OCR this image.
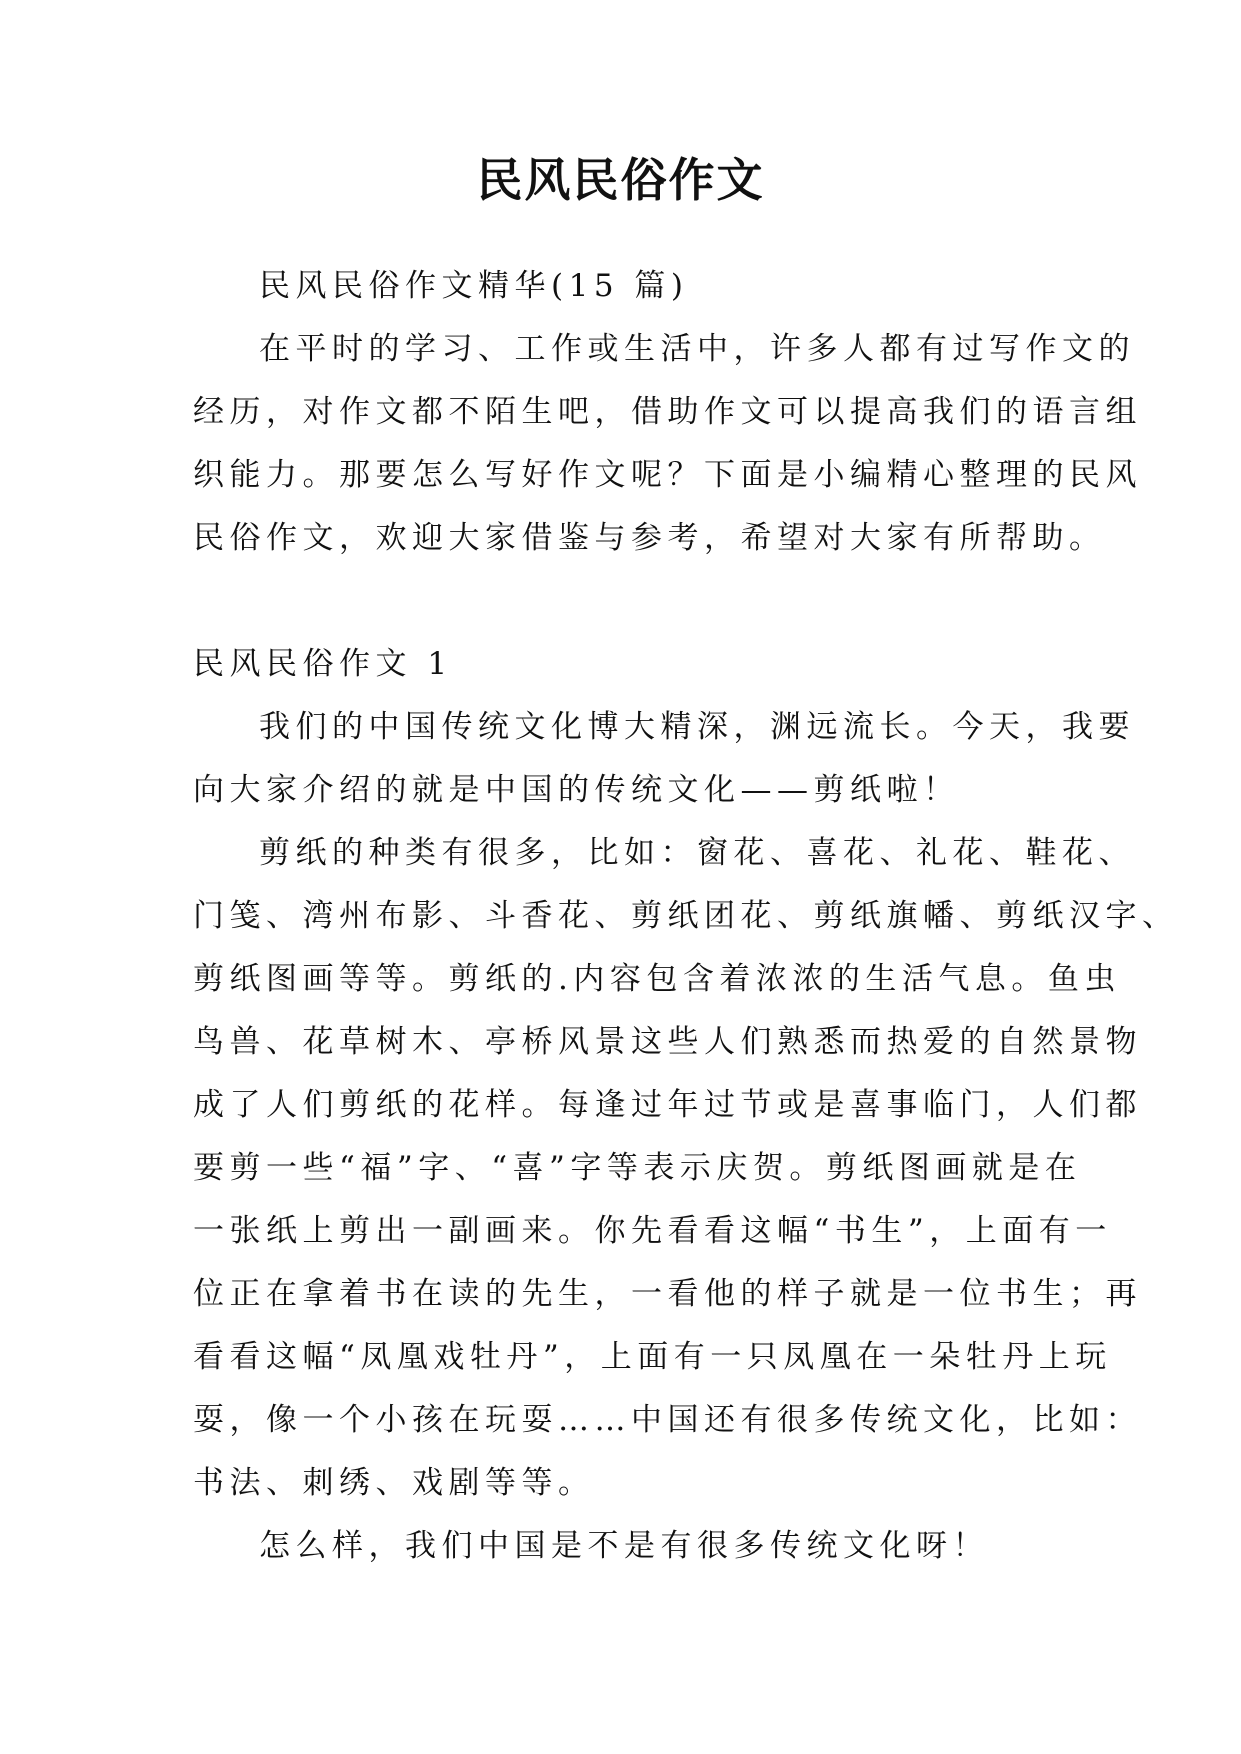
民风民俗作文

民风民俗作文精华(15 篇)

在平时的学习、工作或生活中，许多人都有过写作文的

经历，对作文都不陌生吧，借助作文可以提高我们的语言组

织能力。那要怎么写好作文呢？下面是小编精心整理的民风

民俗作文，欢迎大家借鉴与参考，希望对大家有所帮助。

民风民俗作文 1

我们的中国传统文化博大精深，渊远流长。今天，我要

向大家介绍的就是中国的传统文化——剪纸啦！

剪纸的种类有很多，比如：窗花、喜花、礼花、鞋花、

门笺、湾州布影、斗香花、剪纸团花、剪纸旗幡、剪纸汉字、

剪纸图画等等。剪纸的.内容包含着浓浓的生活气息。鱼虫

鸟兽、花草树木、亭桥风景这些人们熟悉而热爱的自然景物

成了人们剪纸的花样。每逢过年过节或是喜事临门，人们都

要剪一些“福”字、“喜”字等表示庆贺。剪纸图画就是在

一张纸上剪出一副画来。你先看看这幅“书生”，上面有一

位正在拿着书在读的先生，一看他的样子就是一位书生；再

看看这幅“凤凰戏牡丹”，上面有一只凤凰在一朵牡丹上玩

耍，像一个小孩在玩耍……中国还有很多传统文化，比如：

书法、刺绣、戏剧等等。

怎么样，我们中国是不是有很多传统文化呀！
